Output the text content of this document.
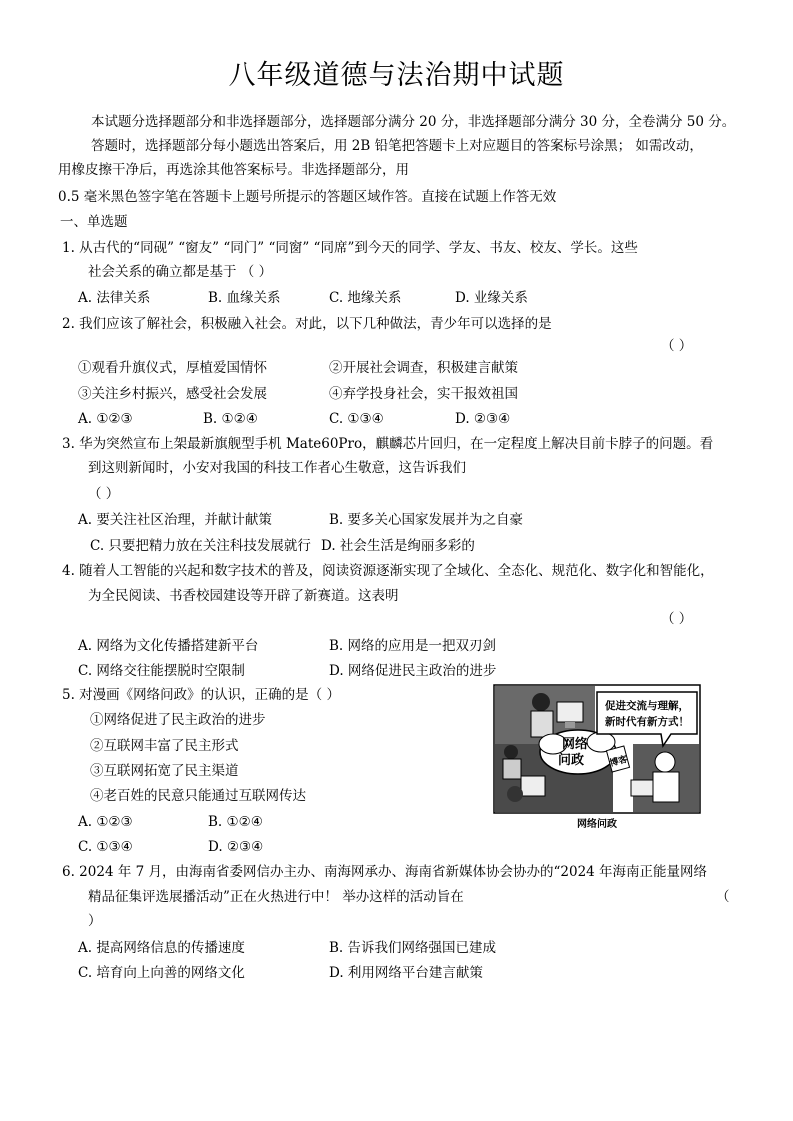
八年级道德与法治期中试题
本试题分选择题部分和非选择题部分，选择题部分满分 20 分，非选择题部分满分 30 分，全卷满分 50 分。
答题时，选择题部分每小题选出答案后，用 2B 铅笔把答题卡上对应题目的答案标号涂黑； 如需改动，
用橡皮擦干净后，再选涂其他答案标号。非选择题部分，用
0.5 毫米黑色签字笔在答题卡上题号所提示的答题区域作答。直接在试题上作答无效
一、单选题
1. 从古代的“同砚” “窗友” “同门” “同窗” “同席”到今天的同学、学友、书友、校友、学长。这些
社会关系的确立都是基于 （ ）
A. 法律关系	B. 血缘关系	C. 地缘关系	D. 业缘关系
2. 我们应该了解社会，积极融入社会。对此，以下几种做法，青少年可以选择的是
（ ）
①观看升旗仪式，厚植爱国情怀	②开展社会调查，积极建言献策
③关注乡村振兴，感受社会发展	④弃学投身社会，实干报效祖国
A. ①②③	B. ①②④	C. ①③④	D. ②③④
3. 华为突然宣布上架最新旗舰型手机 Mate60Pro，麒麟芯片回归，在一定程度上解决目前卡脖子的问题。看
到这则新闻时，小安对我国的科技工作者心生敬意，这告诉我们
（ ）
A. 要关注社区治理，并献计献策	B. 要多关心国家发展并为之自豪
C. 只要把精力放在关注科技发展就行 D. 社会生活是绚丽多彩的
4. 随着人工智能的兴起和数字技术的普及，阅读资源逐渐实现了全域化、全态化、规范化、数字化和智能化，
为全民阅读、书香校园建设等开辟了新赛道。这表明
（ ）
A. 网络为文化传播搭建新平台	B. 网络的应用是一把双刃剑
C. 网络交往能摆脱时空限制	D. 网络促进民主政治的进步
5. 对漫画《网络问政》的认识，正确的是（ ）
①网络促进了民主政治的进步
②互联网丰富了民主形式
③互联网拓宽了民主渠道
④老百姓的民意只能通过互联网传达
A. ①②③	B. ①②④
C. ①③④	D. ②③④
网络
问政	博客
促进交流与理解，
新时代有新方式！
网络问政
6. 2024 年 7 月，由海南省委网信办主办、南海网承办、海南省新媒体协会协办的“2024 年海南正能量网络
精品征集评选展播活动”正在火热进行中！ 举办这样的活动旨在	（
）
A. 提高网络信息的传播速度	B. 告诉我们网络强国已建成
C. 培育向上向善的网络文化	D. 利用网络平台建言献策
